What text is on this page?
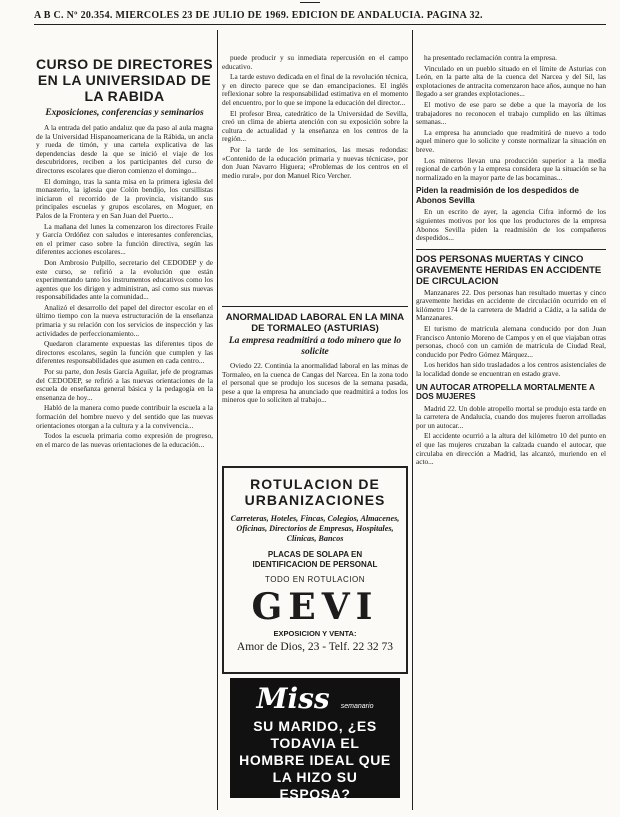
A B C. Nº 20.354. MIERCOLES 23 DE JULIO DE 1969. EDICION DE ANDALUCIA. PAGINA 32.
CURSO DE DIRECTORES EN LA UNIVERSIDAD DE LA RABIDA
Exposiciones, conferencias y seminarios

A la entrada del patio andaluz que da paso al aula magna de la Universidad Hispanoamericana de la Rábida, un ancla y rueda de timón, y una cartela explicativa de las dependencias desde la que se inició el viaje de los descubridores, reciben a los participantes del curso de directores escolares que dieron comienzo el domingo...

El domingo, tras la santa misa en la primera iglesia del monasterio, la iglesia que Colón bendijo, los cursillistas iniciaron el recorrido de la provincia, visitando sus principales escuelas y grupos escolares, en Moguer, en Palos de la Frontera y en San Juan del Puerto...

La mañana del lunes la comenzaron los directores Fraile y García Ordóñez con saludos e interesantes conferencias, en el primer caso sobre la función directiva, según las diferentes acciones escolares...

Don Ambrosio Pulpillo, secretario del CEDODEP y de este curso, se refirió a la evolución que están experimentando tanto los instrumentos educativos como los agentes que los dirigen y administran, así como sus nuevas responsabilidades ante la comunidad...

Analizó el desarrollo del papel del director escolar en el último tiempo con la nueva estructuración de la enseñanza primaria y su relación con los servicios de inspección y las actividades de perfeccionamiento...

Quedaron claramente expuestas las diferentes tipos de directores escolares, según la función que cumplen y las diferentes responsabilidades que asumen en cada centro...

Por su parte, don Jesús García Aguilar, jefe de programas del CEDODEP, se refirió a las nuevas orientaciones de la escuela de enseñanza general básica y la pedagogía en la ensenanza de hoy...

Habló de la manera como puede contribuir la escuela a la formación del hombre nuevo y del sentido que las nuevas orientaciones otorgan a la cultura y a la convivencia...

Todos la escuela primaria como expresión de progreso, en el marco de las nuevas orientaciones de la educación...

puede producir y su inmediata repercusión en el campo educativo.

La tarde estuvo dedicada en el final de la revolución técnica, y en directo parece que se dan emancipaciones. El inglés reflexionar sobre la responsabilidad estimativa en el momento del encuentro, por lo que se impone la educación del director...

El profesor Brea, catedrático de la Universidad de Sevilla, creó un clima de abierta atención con su exposición sobre la cultura de actualidad y la enseñanza en los centros de la región...

Por la tarde de los seminarios, las mesas redondas: «Contenido de la educación primaria y nuevas técnicas», por don Juan Navarro Higuera; «Problemas de los centros en el medio rural», por don Manuel Rico Vercher.

ANORMALIDAD LABORAL EN LA MINA DE TORMALEO (ASTURIAS)
La empresa readmitirá a todo minero que lo solicite

Oviedo 22. Continúa la anormalidad laboral en las minas de Tormaleo, en la cuenca de Cangas del Narcea. En la zona todo el personal que se produjo los sucesos de la semana pasada, pese a que la empresa ha anunciado que readmitirá a todos los mineros que lo soliciten al trabajo...

ROTULACION DE
URBANIZACIONES
Carreteras, Hoteles, Fincas, Colegios, Almacenes, Oficinas, Directorios de Empresas, Hospitales, Clínicas, Bancos
PLACAS DE SOLAPA EN
IDENTIFICACION DE PERSONAL
TODO EN ROTULACION
GEVI
EXPOSICION Y VENTA:
Amor de Dios, 23 - Telf. 22 32 73
Miss semanario
SU MARIDO, ¿ES TODAVIA EL HOMBRE IDEAL QUE LA HIZO SU ESPOSA?

ha presentado reclamación contra la empresa.

Vinculado en un pueblo situado en el límite de Asturias con León, en la parte alta de la cuenca del Narcea y del Sil, las explotaciones de antracita comenzaron hace años, aunque no han llegado a ser grandes explotaciones...

El motivo de ese paro se debe a que la mayoría de los trabajadores no reconocen el trabajo cumplido en las últimas semanas...

La empresa ha anunciado que readmitirá de nuevo a todo aquel minero que lo solicite y conste normalizar la situación en breve.

Los mineros llevan una producción superior a la media regional de carbón y la empresa considera que la situación se ha normalizado en la mayor parte de las bocaminas...

Piden la readmisión de los despedidos de Abonos Sevilla

En un escrito de ayer, la agencia Cifra informó de los siguientes motivos por los que los productores de la empresa Abonos Sevilla piden la readmisión de los compañeros despedidos...

DOS PERSONAS MUERTAS Y CINCO GRAVEMENTE HERIDAS EN ACCIDENTE DE CIRCULACION

Manzanares 22. Dos personas han resultado muertas y cinco gravemente heridas en accidente de circulación ocurrido en el kilómetro 174 de la carretera de Madrid a Cádiz, a la salida de Manzanares.

El turismo de matrícula alemana conducido por don Juan Francisco Antonio Moreno de Campos y en el que viajaban otras personas, chocó con un camión de matrícula de Ciudad Real, conducido por Pedro Gómez Márquez...

Los heridos han sido trasladados a los centros asistenciales de la localidad donde se encuentran en estado grave.

UN AUTOCAR ATROPELLA MORTALMENTE A DOS MUJERES

Madrid 22. Un doble atropello mortal se produjo esta tarde en la carretera de Andalucía, cuando dos mujeres fueron arrolladas por un autocar...

El accidente ocurrió a la altura del kilómetro 10 del punto en el que las mujeres cruzaban la calzada cuando el autocar, que circulaba en dirección a Madrid, las alcanzó, muriendo en el acto...
